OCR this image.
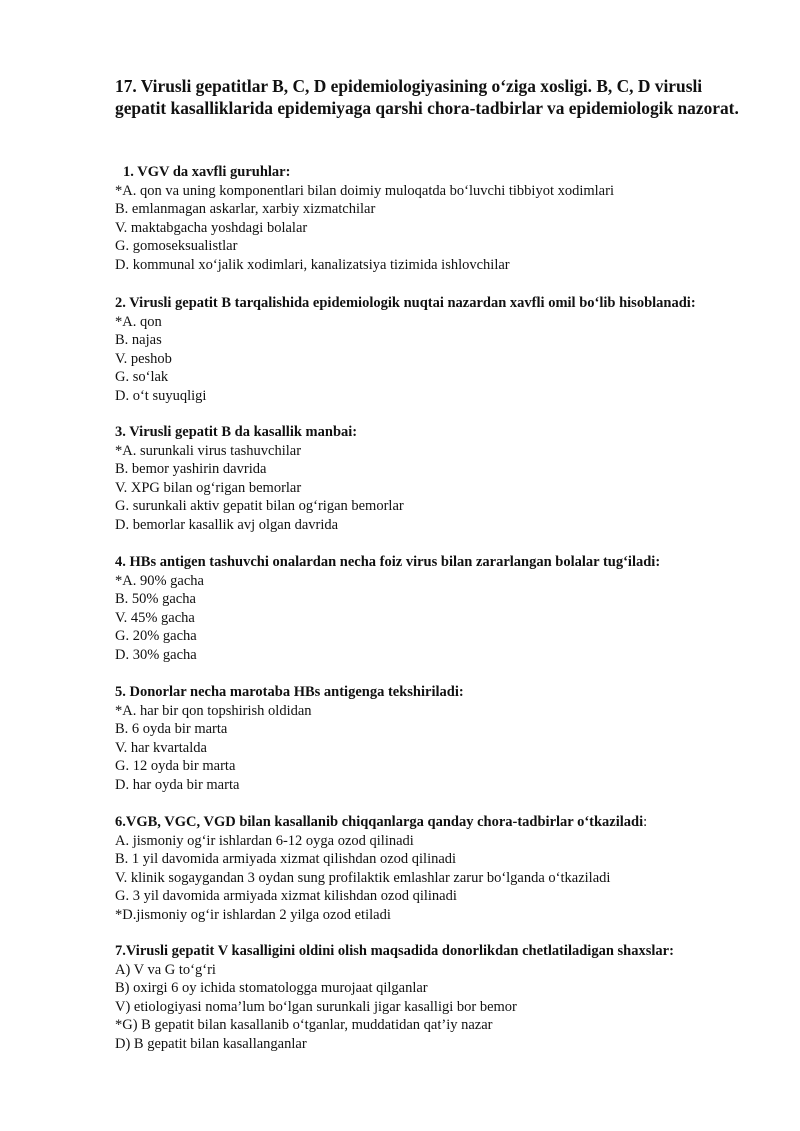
17. Virusli gepatitlar B, C, D epidemiologiyasining o‘ziga xosligi. B, C, D virusli gepatit kasalliklarida epidemiyaga qarshi chora-tadbirlar va epidemiologik nazorat.

1. VGV da xavfli guruhlar:

*A. qon va uning komponentlari bilan doimiy muloqatda bo‘luvchi tibbiyot xodimlari
B. emlanmagan askarlar, xarbiy xizmatchilar
V. maktabgacha yoshdagi bolalar
G. gomoseksualistlar
D. kommunal xo‘jalik xodimlari, kanalizatsiya tizimida ishlovchilar

2. Virusli gepatit B tarqalishida epidemiologik nuqtai nazardan xavfli omil bo‘lib hisoblanadi:

*A. qon
B. najas
V. peshob
G. so‘lak
D. o‘t suyuqligi

3. Virusli gepatit B da kasallik manbai:

*A. surunkali virus tashuvchilar
B. bemor yashirin davrida
V. XPG bilan og‘rigan bemorlar
G. surunkali aktiv gepatit bilan og‘rigan bemorlar
D. bemorlar kasallik avj olgan davrida

4. HBs antigen tashuvchi onalardan necha foiz virus bilan zararlangan bolalar tug‘iladi:

*A. 90% gacha
B. 50% gacha
V. 45% gacha
G. 20% gacha
D. 30% gacha

5. Donorlar necha marotaba HBs antigenga tekshiriladi:

*A. har bir qon topshirish oldidan
B. 6 oyda bir marta
V. har kvartalda
G. 12 oyda bir marta
D. har oyda bir marta

6.VGB, VGC, VGD bilan kasallanib chiqqanlarga qanday chora-tadbirlar o‘tkaziladi:

A. jismoniy og‘ir ishlardan 6-12 oyga ozod qilinadi
B. 1 yil davomida armiyada xizmat qilishdan ozod qilinadi
V. klinik sogaygandan 3 oydan sung profilaktik emlashlar zarur bo‘lganda o‘tkaziladi
G. 3 yil davomida armiyada xizmat kilishdan ozod qilinadi
*D.jismoniy og‘ir ishlardan 2 yilga ozod etiladi

7.Virusli gepatit V kasalligini oldini olish maqsadida donorlikdan chetlatiladigan shaxslar:

A) V va G to‘g‘ri
B) oxirgi 6 oy ichida stomatologga murojaat qilganlar
V) etiologiyasi noma’lum bo‘lgan surunkali jigar kasalligi bor bemor
*G) B gepatit bilan kasallanib o‘tganlar, muddatidan qat’iy nazar
D) B gepatit bilan kasallanganlar
